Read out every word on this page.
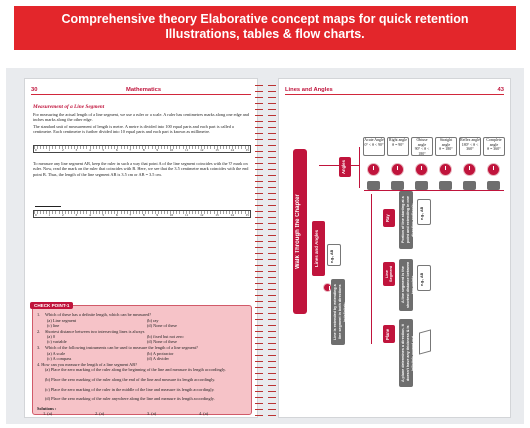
Comprehensive theory Elaborative concept maps for quick retention
Illustrations, tables & flow charts.
30	Mathematics
Measurement of a Line Segment
For measuring the actual length of a line segment, we use a ruler or a scale. A ruler has centimetres marks along one edge and inches marks along the other edge.
The standard unit of measurement of length is metre. A metre is divided into 100 equal parts and each part is called a centimetre. Each centimetre is further divided into 10 equal parts and each part is known as millimetre.
0	1	2	3	4	5	6	7	8	9	10	11	12	13	14	15
To measure any line segment AB, keep the ruler in such a way that point A of the line segment coincides with the '0' mark on ruler. Now, read the mark on the ruler that coincides with B. Here, we see that the 3.5 centimetre mark coincides with the end point B. Thus, the length of the line segment AB is 3.5 cm or AB = 3.5 cm.
0	1	2	3	4	5	6	7	8	9	10	11	12	13	14	15
CHECK POINT-1
1.	Which of these has a definite length, which can be measured?
(a) Line segment	(b) ray
(c) line	(d) None of these
2.	Shortest distance between two intersecting lines is always
(a) 0	(b) fixed but not zero
(c) variable	(d) None of these
3.	Which of the following instruments can be used to measure the length of a line segment?
(a) A scale	(b) A protractor
(c) A compass	(d) A divider
4. How can you measure the length of a line segment AB?
(a) Place the zero marking of the ruler along the beginning of the line and measure its length accordingly.
(b) Place the zero marking of the ruler along the end of the line and measure its length accordingly.
(c) Place the zero marking of the ruler in the middle of the line and measure its length accordingly.
(d) Place the zero marking of the ruler anywhere along the line and measure its length accordingly.
Solutions :
1. (a)	2. (a)	3. (a)	4. (a)
Lines and Angles	43
Walk Through the Chapter	Lines and Angles
Angles
Acute Angle
0° < θ < 90°
Right angle
θ = 90°
Obtuse angle
90° < θ < 180°
Straight angle
θ = 180°
Reflex angle
180° < θ < 360°
Complete angle
θ = 360°
e.g., AB
Line is extended by extending a line segment in both directions indefinitely
Ray	Portion of line starting at a point and extending in one direction endlessly e.g., AB
Line Segment A line segment is the shortest distance between two points e.g., AB
Plane	A plane determines a direction. It doesn't have any thickness & is infinitely spread out
